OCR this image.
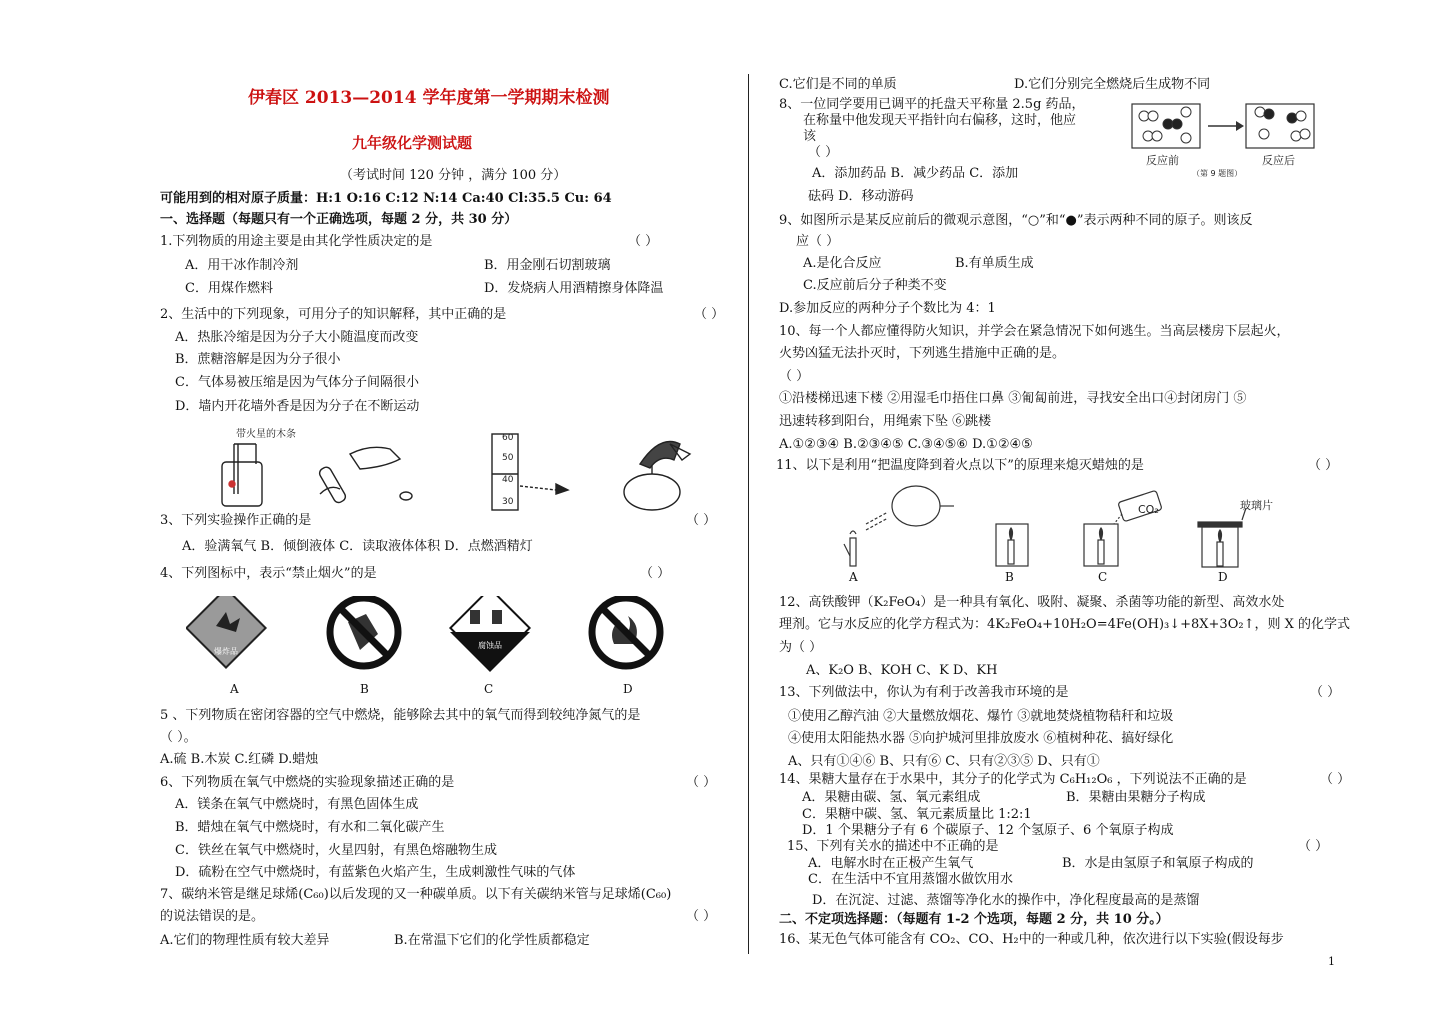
伊春区 2013—2014 学年度第一学期期末检测
九年级化学测试题
（考试时间 120 分钟 ，满分 100 分）
可能用到的相对原子质量：H:1 O:16 C:12 N:14 Ca:40 Cl:35.5 Cu: 64
一、选择题（每题只有一个正确选项，每题 2 分，共 30 分）
1.下列物质的用途主要是由其化学性质决定的是	（ ）
A．用干冰作制冷剂	B．用金刚石切割玻璃
C．用煤作燃料	D．发烧病人用酒精擦身体降温
2、生活中的下列现象，可用分子的知识解释，其中正确的是	（ ）
A．热胀冷缩是因为分子大小随温度而改变
B．蔗糖溶解是因为分子很小
C．气体易被压缩是因为气体分子间隔很小
D．墙内开花墙外香是因为分子在不断运动
带火星的木条	60
50
40
30
3、下列实验操作正确的是	（ ）
A．验满氧气 B．倾倒液体 C．读取液体体积 D．点燃酒精灯
4、下列图标中，表示“禁止烟火”的是	（ ）
爆炸品
腐蚀品
A	B	C	D
5 、下列物质在密闭容器的空气中燃烧，能够除去其中的氧气而得到较纯净氮气的是
（ ）。
A.硫 B.木炭 C.红磷 D.蜡烛
6、下列物质在氧气中燃烧的实验现象描述正确的是	（ ）
A．镁条在氧气中燃烧时，有黑色固体生成
B．蜡烛在氧气中燃烧时，有水和二氧化碳产生
C．铁丝在氧气中燃烧时，火星四射，有黑色熔融物生成
D．硫粉在空气中燃烧时，有蓝紫色火焰产生，生成刺激性气味的气体
7、碳纳米管是继足球烯(C₆₀)以后发现的又一种碳单质。以下有关碳纳米管与足球烯(C₆₀)
的说法错误的是。	（ ）
A.它们的物理性质有较大差异	B.在常温下它们的化学性质都稳定
C.它们是不同的单质	D.它们分别完全燃烧后生成物不同
8、一位同学要用已调平的托盘天平称量 2.5g 药品，
在称量中他发现天平指针向右偏移，这时，他应
该
（ ）
A．添加药品 B．减少药品 C．添加
砝码 D．移动游码
反应前	反应后
（第 9 题图）
9、如图所示是某反应前后的微观示意图，“○”和“●”表示两种不同的原子。则该反
应（ ）
A.是化合反应	B.有单质生成
C.反应前后分子种类不变
D.参加反应的两种分子个数比为 4：1
10、每一个人都应懂得防火知识，并学会在紧急情况下如何逃生。当高层楼房下层起火，
火势凶猛无法扑灭时，下列逃生措施中正确的是。
（ ）
①沿楼梯迅速下楼 ②用湿毛巾捂住口鼻 ③匍匐前进，寻找安全出口④封闭房门 ⑤
迅速转移到阳台，用绳索下坠 ⑥跳楼
A.①②③④ B.②③④⑤ C.③④⑤⑥ D.①②④⑤
11、以下是利用“把温度降到着火点以下”的原理来熄灭蜡烛的是	（ ）
CO₂	玻璃片
A	B	C	D
12、高铁酸钾（K₂FeO₄）是一种具有氧化、吸附、凝聚、杀菌等功能的新型、高效水处
理剂。它与水反应的化学方程式为：4K₂FeO₄+10H₂O=4Fe(OH)₃↓+8X+3O₂↑，则 X 的化学式
为（ ）
A、K₂O B、KOH C、K D、KH
13、下列做法中，你认为有利于改善我市环境的是	（ ）
①使用乙醇汽油 ②大量燃放烟花、爆竹 ③就地焚烧植物秸秆和垃圾
④使用太阳能热水器 ⑤向护城河里排放废水 ⑥植树种花、搞好绿化
A、只有①④⑥ B、只有⑥ C、只有②③⑤ D、只有①
14、果糖大量存在于水果中，其分子的化学式为 C₆H₁₂O₆ ，下列说法不正确的是	（ ）
A．果糖由碳、氢、氧元素组成	B．果糖由果糖分子构成
C．果糖中碳、氢、氧元素质量比 1:2:1
D．1 个果糖分子有 6 个碳原子、12 个氢原子、6 个氧原子构成
15、下列有关水的描述中不正确的是	（ ）
A．电解水时在正极产生氧气	B．水是由氢原子和氧原子构成的
C．在生活中不宜用蒸馏水做饮用水
D．在沉淀、过滤、蒸馏等净化水的操作中，净化程度最高的是蒸馏
二、不定项选择题：（每题有 1-2 个选项，每题 2 分，共 10 分。）
16、某无色气体可能含有 CO₂、CO、H₂中的一种或几种，依次进行以下实验(假设每步
1
